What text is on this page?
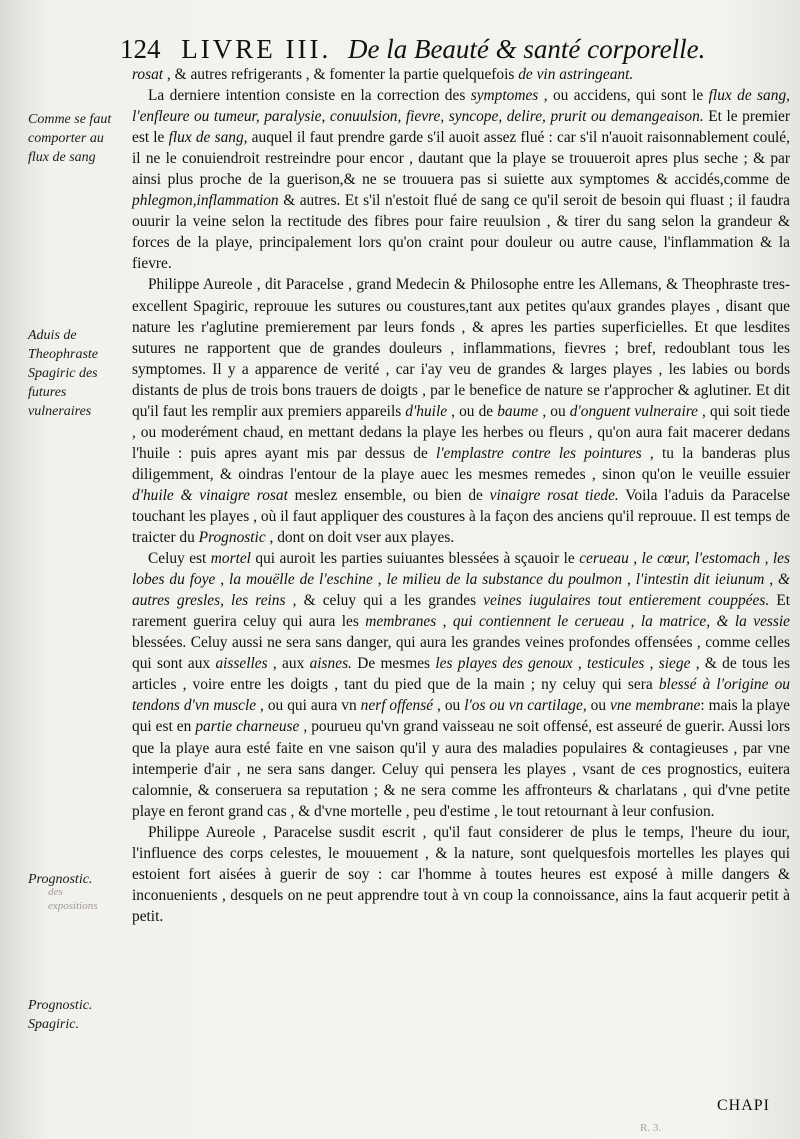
124 LIVRE III. De la Beauté & santé corporelle.
Comme se faut comporter au flux de sang
Aduis de Theophraste Spagiric des futures vulneraires
Prognostic.
Prognostic. Spagiric.
des expositions

rosat , & autres refrigerants , & fomenter la partie quelquefois de vin astringeant.

La derniere intention consiste en la correction des symptomes , ou accidens, qui sont le flux de sang, l'enfleure ou tumeur, paralysie, conuulsion, fievre, syncope, delire, prurit ou demangeaison. Et le premier est le flux de sang, auquel il faut prendre garde s'il auoit assez flué : car s'il n'auoit raisonnablement coulé, il ne le conuiendroit restreindre pour encor , dautant que la playe se trouueroit apres plus seche ; & par ainsi plus proche de la guerison,& ne se trouuera pas si suiette aux symptomes & accidés,comme de phlegmon,inflammation & autres. Et s'il n'estoit flué de sang ce qu'il seroit de besoin qui fluast ; il faudra ouurir la veine selon la rectitude des fibres pour faire reuulsion , & tirer du sang selon la grandeur & forces de la playe, principalement lors qu'on craint pour douleur ou autre cause, l'inflammation & la fievre.

Philippe Aureole , dit Paracelse , grand Medecin & Philosophe entre les Allemans, & Theophraste tres-excellent Spagiric, reprouue les sutures ou coustures,tant aux petites qu'aux grandes playes , disant que nature les r'aglutine premierement par leurs fonds , & apres les parties superficielles. Et que lesdites sutures ne rapportent que de grandes douleurs , inflammations, fievres ; bref, redoublant tous les symptomes. Il y a apparence de verité , car i'ay veu de grandes & larges playes , les labies ou bords distants de plus de trois bons trauers de doigts , par le benefice de nature se r'approcher & aglutiner. Et dit qu'il faut les remplir aux premiers appareils d'huile , ou de baume , ou d'onguent vulneraire , qui soit tiede , ou moderément chaud, en mettant dedans la playe les herbes ou fleurs , qu'on aura fait macerer dedans l'huile : puis apres ayant mis par dessus de l'emplastre contre les pointures , tu la banderas plus diligemment, & oindras l'entour de la playe auec les mesmes remedes , sinon qu'on le veuille essuier d'huile & vinaigre rosat meslez ensemble, ou bien de vinaigre rosat tiede. Voila l'aduis da Paracelse touchant les playes , où il faut appliquer des coustures à la façon des anciens qu'il reprouue. Il est temps de traicter du Prognostic , dont on doit vser aux playes.

Celuy est mortel qui auroit les parties suiuantes blessées à sçauoir le cerueau , le cœur, l'estomach , les lobes du foye , la mouëlle de l'eschine , le milieu de la substance du poulmon , l'intestin dit ieiunum , & autres gresles, les reins , & celuy qui a les grandes veines iugulaires tout entierement couppées. Et rarement guerira celuy qui aura les membranes , qui contiennent le cerueau , la matrice, & la vessie blessées. Celuy aussi ne sera sans danger, qui aura les grandes veines profondes offensées , comme celles qui sont aux aisselles , aux aisnes. De mesmes les playes des genoux , testicules , siege , & de tous les articles , voire entre les doigts , tant du pied que de la main ; ny celuy qui sera blessé à l'origine ou tendons d'vn muscle , ou qui aura vn nerf offensé , ou l'os ou vn cartilage, ou vne membrane: mais la playe qui est en partie charneuse , pourueu qu'vn grand vaisseau ne soit offensé, est asseuré de guerir. Aussi lors que la playe aura esté faite en vne saison qu'il y aura des maladies populaires & contagieuses , par vne intemperie d'air , ne sera sans danger. Celuy qui pensera les playes , vsant de ces prognostics, euitera calomnie, & conseruera sa reputation ; & ne sera comme les affronteurs & charlatans , qui d'vne petite playe en feront grand cas , & d'vne mortelle , peu d'estime , le tout retournant à leur confusion.

Philippe Aureole , Paracelse susdit escrit , qu'il faut considerer de plus le temps, l'heure du iour, l'influence des corps celestes, le mouuement , & la nature, sont quelquesfois mortelles les playes qui estoient fort aisées à guerir de soy : car l'homme à toutes heures est exposé à mille dangers & inconuenients , desquels on ne peut apprendre tout à vn coup la connoissance, ains la faut acquerir petit à petit.

CHAPI
R. 3.
